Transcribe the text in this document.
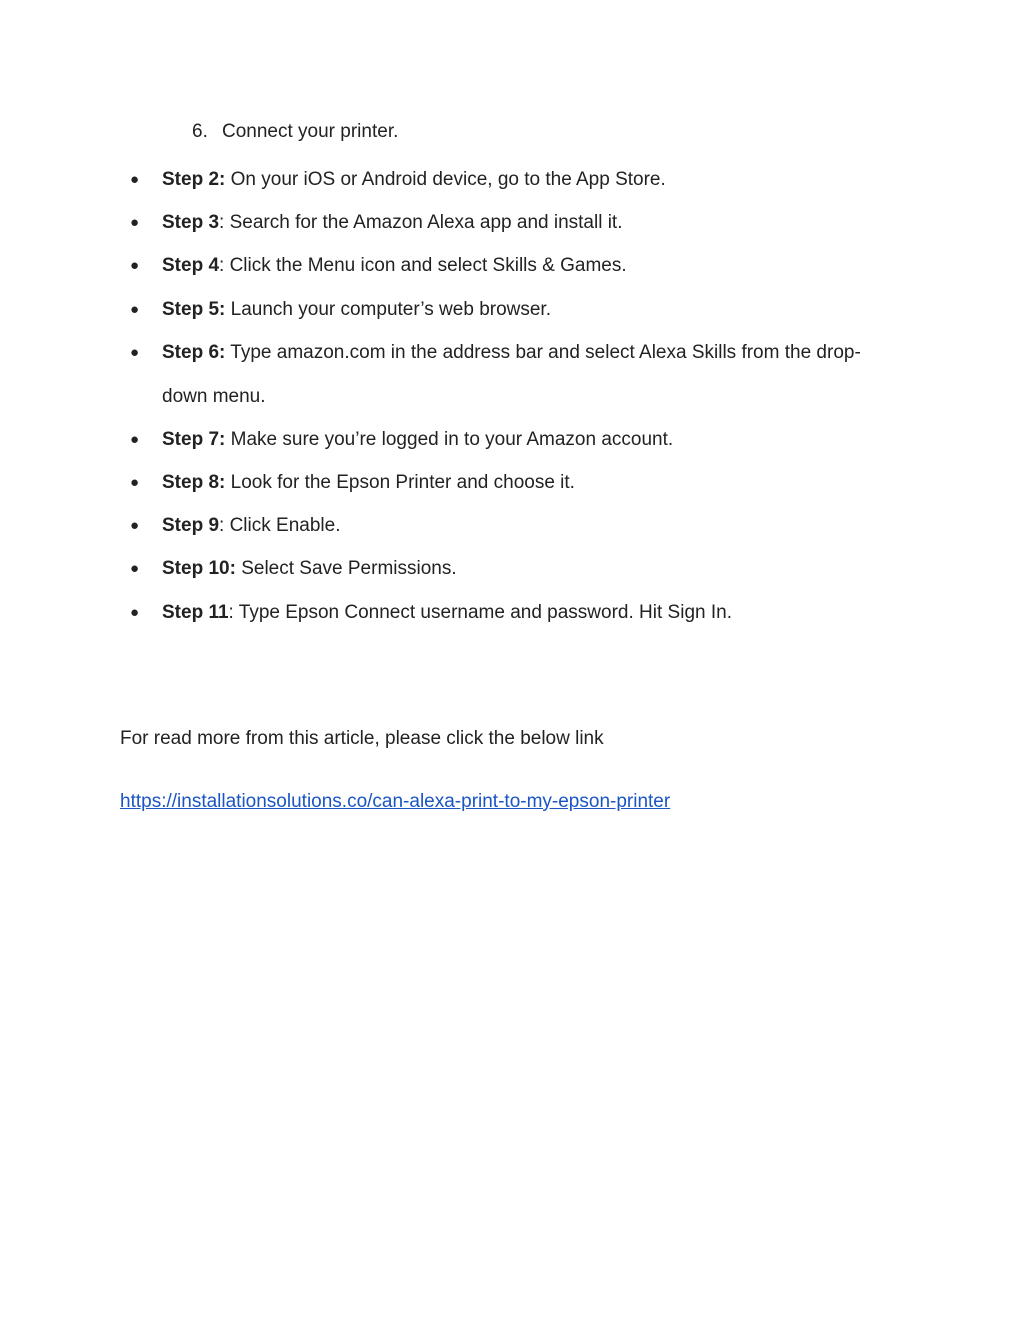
6. Connect your printer.
● Step 2: On your iOS or Android device, go to the App Store.
● Step 3: Search for the Amazon Alexa app and install it.
● Step 4: Click the Menu icon and select Skills & Games.
● Step 5: Launch your computer’s web browser.
● Step 6: Type amazon.com in the address bar and select Alexa Skills from the drop-down menu.
● Step 7: Make sure you’re logged in to your Amazon account.
● Step 8: Look for the Epson Printer and choose it.
● Step 9: Click Enable.
● Step 10: Select Save Permissions.
● Step 11: Type Epson Connect username and password. Hit Sign In.
For read more from this article, please click the below link
https://installationsolutions.co/can-alexa-print-to-my-epson-printer
